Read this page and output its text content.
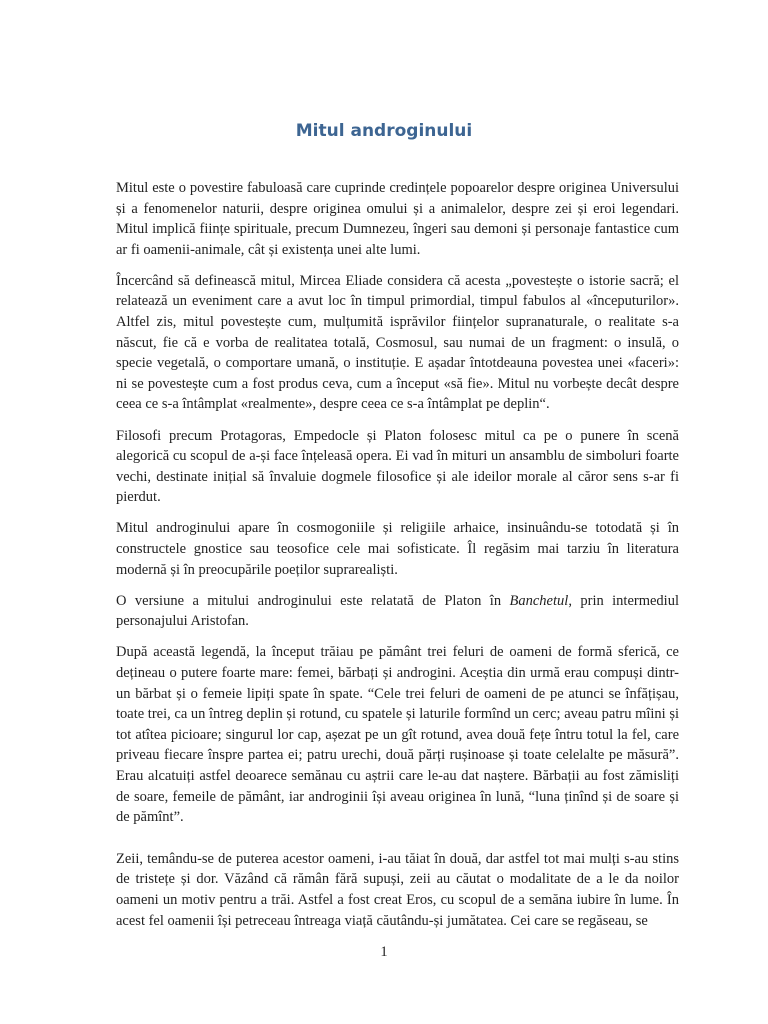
Mitul androginului

Mitul este o povestire fabuloasă care cuprinde credințele popoarelor despre originea Universului și a fenomenelor naturii, despre originea omului și a animalelor, despre zei și eroi legendari. Mitul implică ființe spirituale, precum Dumnezeu, îngeri sau demoni și personaje fantastice cum ar fi oamenii-animale, cât și existența unei alte lumi.

Încercând să definească mitul, Mircea Eliade considera că acesta „povestește o istorie sacră; el relatează un eveniment care a avut loc în timpul primordial, timpul fabulos al «începuturilor». Altfel zis, mitul povestește cum, mulțumită isprăvilor ființelor supranaturale, o realitate s-a născut, fie că e vorba de realitatea totală, Cosmosul, sau numai de un fragment: o insulă, o specie vegetală, o comportare umană, o instituție. E așadar întotdeauna povestea unei «faceri»: ni se povestește cum a fost produs ceva, cum a început «să fie». Mitul nu vorbește decât despre ceea ce s-a întâmplat «realmente», despre ceea ce s-a întâmplat pe deplin“.

Filosofi precum Protagoras, Empedocle și Platon folosesc mitul ca pe o punere în scenă alegorică cu scopul de a-și face înțeleasă opera. Ei vad în mituri un ansamblu de simboluri foarte vechi, destinate inițial să învaluie dogmele filosofice și ale ideilor morale al căror sens s-ar fi pierdut.

Mitul androginului apare în cosmogoniile și religiile arhaice, insinuându-se totodată și în constructele gnostice sau teosofice cele mai sofisticate. Îl regăsim mai tarziu în literatura modernă și în preocupările poeților suprarealiști.

O versiune a mitului androginului este relatată de Platon în Banchetul, prin intermediul personajului Aristofan.

După această legendă, la început trăiau pe pământ trei feluri de oameni de formă sferică, ce dețineau o putere foarte mare: femei, bărbați și androgini. Aceștia din urmă erau compuși dintr-un bărbat și o femeie lipiți spate în spate. “Cele trei feluri de oameni de pe atunci se înfățișau, toate trei, ca un întreg deplin și rotund, cu spatele și laturile formînd un cerc; aveau patru mîini și tot atîtea picioare; singurul lor cap, așezat pe un gît rotund, avea două fețe întru totul la fel, care priveau fiecare înspre partea ei; patru urechi, două părți rușinoase și toate celelalte pe măsură”. Erau alcatuiți astfel deoarece semănau cu aștrii care le-au dat naștere. Bărbații au fost zămisliți de soare, femeile de pământ, iar androginii își aveau originea în lună, “luna ținînd și de soare și de pămînt”.

Zeii, temându-se de puterea acestor oameni, i-au tăiat în două, dar astfel tot mai mulți s-au stins de tristețe și dor. Văzând că rămân fără supuși, zeii au căutat o modalitate de a le da noilor oameni un motiv pentru a trăi. Astfel a fost creat Eros, cu scopul de a semăna iubire în lume. În acest fel oamenii își petreceau întreaga viață căutându-și jumătatea. Cei care se regăseau, se

1
